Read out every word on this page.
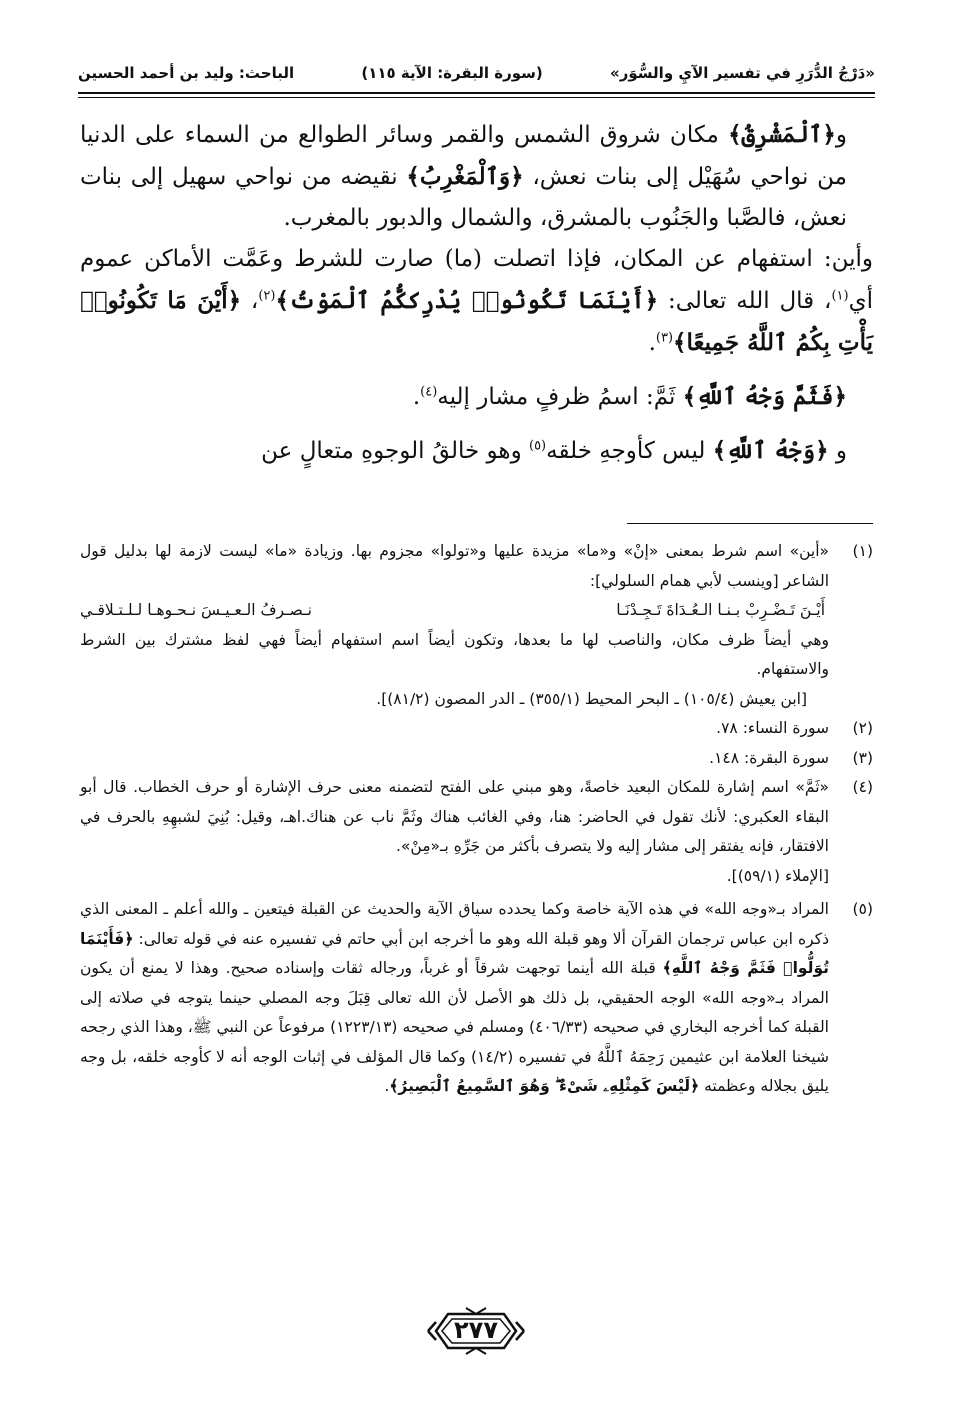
«دَرْجُ الدُّرَرِ في تفسير الآيِ والسُّوَر»
(سورة البقرة: الآية ١١٥)
الباحث: وليد بن أحمد الحسين

و﴿ٱلْمَشْرِقُ﴾ مكان شروق الشمس والقمر وسائر الطوالع من السماء على الدنيا من نواحي سُهَيْل إلى بنات نعش، ﴿وَٱلْمَغْرِبُ﴾ نقيضه من نواحي سهيل إلى بنات نعش، فالصَّبا والجَنُوب بالمشرق، والشمال والدبور بالمغرب.

وأين: استفهام عن المكان، فإذا اتصلت (ما) صارت للشرط وعَمَّت الأماكن عموم أي$^{(١)}$، قال الله تعالى: ﴿أَيْنَمَا تَكُونُوا۟ يُدْرِككُّمُ ٱلْمَوْتُ﴾$^{(٢)}$، ﴿أَيْنَ مَا تَكُونُوا۟ يَأْتِ بِكُمُ ٱللَّهُ جَمِيعًا﴾$^{(٣)}$.

﴿فَثَمَّ وَجْهُ ٱللَّهِ﴾ ثَمَّ: اسمُ ظرفٍ مشار إليه$^{(٤)}$.

و ﴿وَجْهُ ٱللَّهِ﴾ ليس كأوجهِ خلقه$^{(٥)}$ وهو خالقُ الوجوهِ متعالٍ عن

(١)

«أين» اسم شرط بمعنى «إنْ» و«ما» مزيدة عليها و«تولوا» مجزوم بها. وزيادة «ما» ليست لازمة لها بدليل قول الشاعر [وينسب لأبي همام السلولي]:

أَيْـنَ تَـضْـرِبْ بـنـا الـعُـدَاةَ تَـجِـدْنَـا
نـصـرفُ الـعـيـسَ نـحـوهـا لـلـتـلاقـي

وهي أيضاً ظرف مكان، والناصب لها ما بعدها، وتكون أيضاً اسم استفهام أيضاً فهي لفظ مشترك بين الشرط والاستفهام.

[ابن يعيش (١٠٥/٤) ـ البحر المحيط (٣٥٥/١) ـ الدر المصون (٨١/٢)].

(٢)

سورة النساء: ٧٨.

(٣)

سورة البقرة: ١٤٨.

(٤)

«ثَمَّ» اسم إشارة للمكان البعيد خاصةً، وهو مبني على الفتح لتضمنه معنى حرف الإشارة أو حرف الخطاب. قال أبو البقاء العكبري: لأنك تقول في الحاضر: هنا، وفي الغائب هناك وثَمَّ ناب عن هناك.اهـ، وقيل: بُنِيَ لشبهِهِ بالحرف في الافتقار، فإنه يفتقر إلى مشار إليه ولا يتصرف بأكثر من جَرِّهِ بـ«مِنْ».

[الإملاء (٥٩/١)].

(٥)

المراد بـ«وجه الله» في هذه الآية خاصة وكما يحدده سياق الآية والحديث عن القبلة فيتعين ـ والله أعلم ـ المعنى الذي ذكره ابن عباس ترجمان القرآن ألا وهو قبلة الله وهو ما أخرجه ابن أبي حاتم في تفسيره عنه في قوله تعالى: ﴿فَأَيْنَمَا تُوَلُّوا۟ فَثَمَّ وَجْهُ ٱللَّهِ﴾ قبلة الله أينما توجهت شرقاً أو غرباً، ورجاله ثقات وإسناده صحيح. وهذا لا يمنع أن يكون المراد بـ«وجه الله» الوجه الحقيقي، بل ذلك هو الأصل لأن الله تعالى قِبَلَ وجه المصلي حينما يتوجه في صلاته إلى القبلة كما أخرجه البخاري في صحيحه (٤٠٦/٣٣) ومسلم في صحيحه (١٢٢٣/١٣) مرفوعاً عن النبي ﷺ، وهذا الذي رجحه شيخنا العلامة ابن عثيمين رَحِمَهُ ٱللَّهُ في تفسيره (١٤/٢) وكما قال المؤلف في إثبات الوجه أنه لا كأوجه خلقه، بل وجه يليق بجلاله وعظمته ﴿لَيْسَ كَمِثْلِهِۦ شَىْءٌ ۖ وَهُوَ ٱلسَّمِيعُ ٱلْبَصِيرُ﴾.

٢٧٧
